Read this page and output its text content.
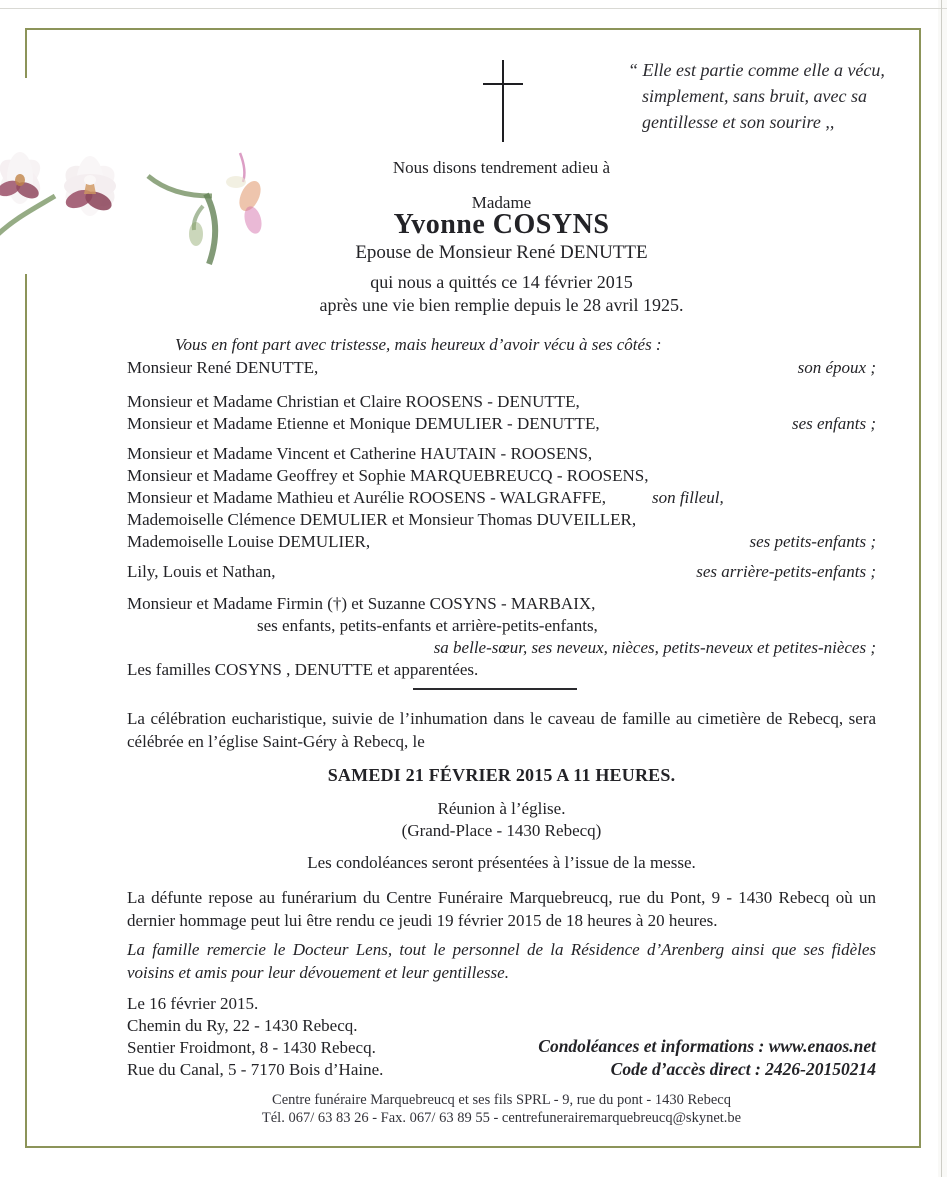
“ Elle est partie comme elle a vécu,
simplement, sans bruit, avec sa
gentillesse et son sourire ,,
Nous disons tendrement adieu à
Madame
Yvonne COSYNS
Epouse de Monsieur René DENUTTE
qui nous a quittés ce 14 février 2015
après une vie bien remplie depuis le 28 avril 1925.
Vous en font part avec tristesse, mais heureux d’avoir vécu à ses côtés :
Monsieur René DENUTTE,	son époux ;
Monsieur et Madame Christian et Claire ROOSENS - DENUTTE,
Monsieur et Madame Etienne et Monique DEMULIER - DENUTTE,	ses enfants ;
Monsieur et Madame Vincent et Catherine HAUTAIN - ROOSENS,
Monsieur et Madame Geoffrey et Sophie MARQUEBREUCQ - ROOSENS,
Monsieur et Madame Mathieu et Aurélie ROOSENS - WALGRAFFE,	son filleul,
Mademoiselle Clémence DEMULIER et Monsieur Thomas DUVEILLER,
Mademoiselle Louise DEMULIER,	ses petits-enfants ;
Lily, Louis et Nathan,	ses arrière-petits-enfants ;
Monsieur et Madame Firmin (†) et Suzanne COSYNS - MARBAIX,
ses enfants, petits-enfants et arrière-petits-enfants,
sa belle-sœur, ses neveux, nièces, petits-neveux et petites-nièces ;
Les familles COSYNS , DENUTTE et apparentées.
La célébration eucharistique, suivie de l’inhumation dans le caveau de famille au cimetière de Rebecq, sera célébrée en l’église Saint-Géry à Rebecq, le
SAMEDI 21 FÉVRIER 2015 A 11 HEURES.
Réunion à l’église.
(Grand-Place - 1430 Rebecq)
Les condoléances seront présentées à l’issue de la messe.
La défunte repose au funérarium du Centre Funéraire Marquebreucq, rue du Pont, 9 - 1430 Rebecq où un dernier hommage peut lui être rendu ce jeudi 19 février 2015 de 18 heures à 20 heures.
La famille remercie le Docteur Lens, tout le personnel de la Résidence d’Arenberg ainsi que ses fidèles voisins et amis pour leur dévouement et leur gentillesse.
Le 16 février 2015.
Chemin du Ry, 22 - 1430 Rebecq.
Sentier Froidmont, 8 - 1430 Rebecq.
Rue du Canal, 5 - 7170 Bois d’Haine.
Condoléances et informations : www.enaos.net
Code d’accès direct : 2426-20150214
Centre funéraire Marquebreucq et ses fils SPRL - 9, rue du pont - 1430 Rebecq
Tél. 067/ 63 83 26 - Fax. 067/ 63 89 55 - centrefunerairemarquebreucq@skynet.be
